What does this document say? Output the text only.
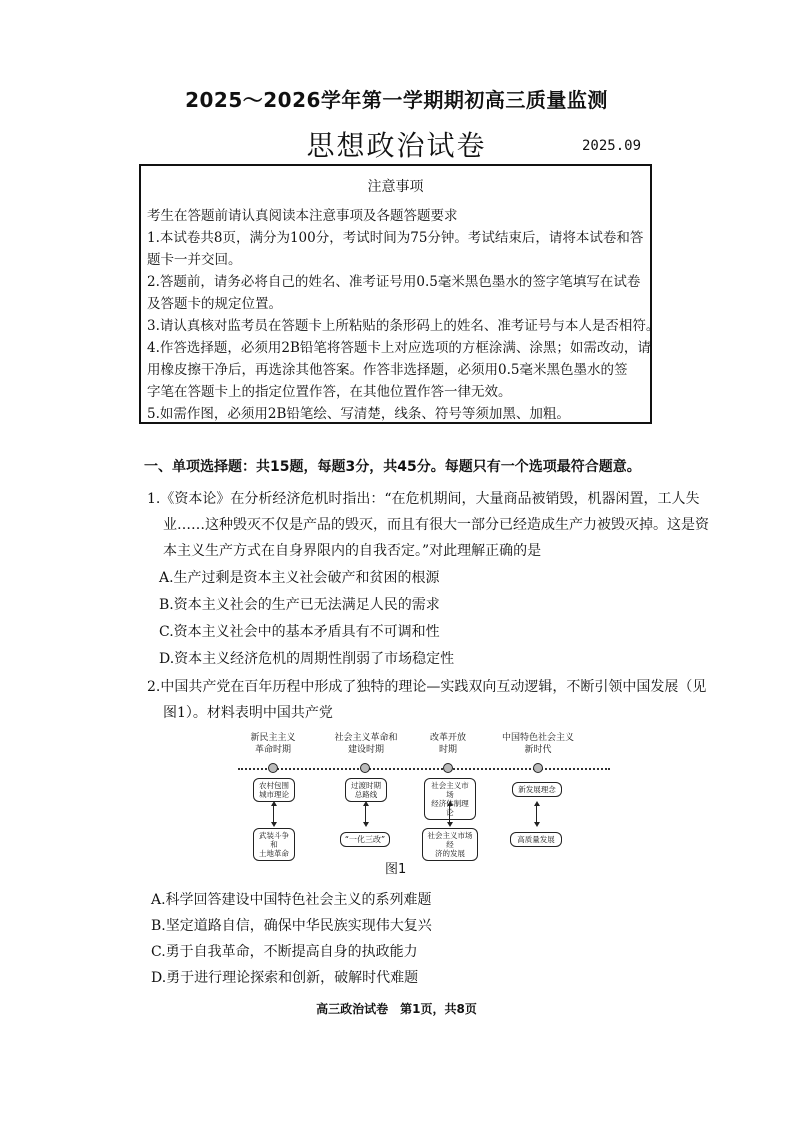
2025～2026学年第一学期期初高三质量监测
思想政治试卷	2025.09
注意事项
考生在答题前请认真阅读本注意事项及各题答题要求
1.本试卷共8页，满分为100分，考试时间为75分钟。考试结束后，请将本试卷和答
题卡一并交回。
2.答题前，请务必将自己的姓名、准考证号用0.5毫米黑色墨水的签字笔填写在试卷
及答题卡的规定位置。
3.请认真核对监考员在答题卡上所粘贴的条形码上的姓名、准考证号与本人是否相符。
4.作答选择题，必须用2B铅笔将答题卡上对应选项的方框涂满、涂黑；如需改动，请
用橡皮擦干净后，再选涂其他答案。作答非选择题，必须用0.5毫米黑色墨水的签
字笔在答题卡上的指定位置作答，在其他位置作答一律无效。
5.如需作图，必须用2B铅笔绘、写清楚，线条、符号等须加黑、加粗。
一、单项选择题：共15题，每题3分，共45分。每题只有一个选项最符合题意。
1.《资本论》在分析经济危机时指出：“在危机期间，大量商品被销毁，机器闲置，工人失
业……这种毁灭不仅是产品的毁灭，而且有很大一部分已经造成生产力被毁灭掉。这是资
本主义生产方式在自身界限内的自我否定。”对此理解正确的是
A.生产过剩是资本主义社会破产和贫困的根源
B.资本主义社会的生产已无法满足人民的需求
C.资本主义社会中的基本矛盾具有不可调和性
D.资本主义经济危机的周期性削弱了市场稳定性
2.中国共产党在百年历程中形成了独特的理论—实践双向互动逻辑，不断引领中国发展（见
图1）。材料表明中国共产党
新民主主义
革命时期
社会主义革命和
建设时期
改革开放
时期
中国特色社会主义
新时代
农村包围
城市理论
过渡时期
总路线
社会主义市场
经济体制理论
新发展理念
武装斗争和
土地革命
“一化三改”	社会主义市场经
济的发展
高质量发展
图1
A.科学回答建设中国特色社会主义的系列难题
B.坚定道路自信，确保中华民族实现伟大复兴
C.勇于自我革命，不断提高自身的执政能力
D.勇于进行理论探索和创新，破解时代难题
高三政治试卷　第1页，共8页
